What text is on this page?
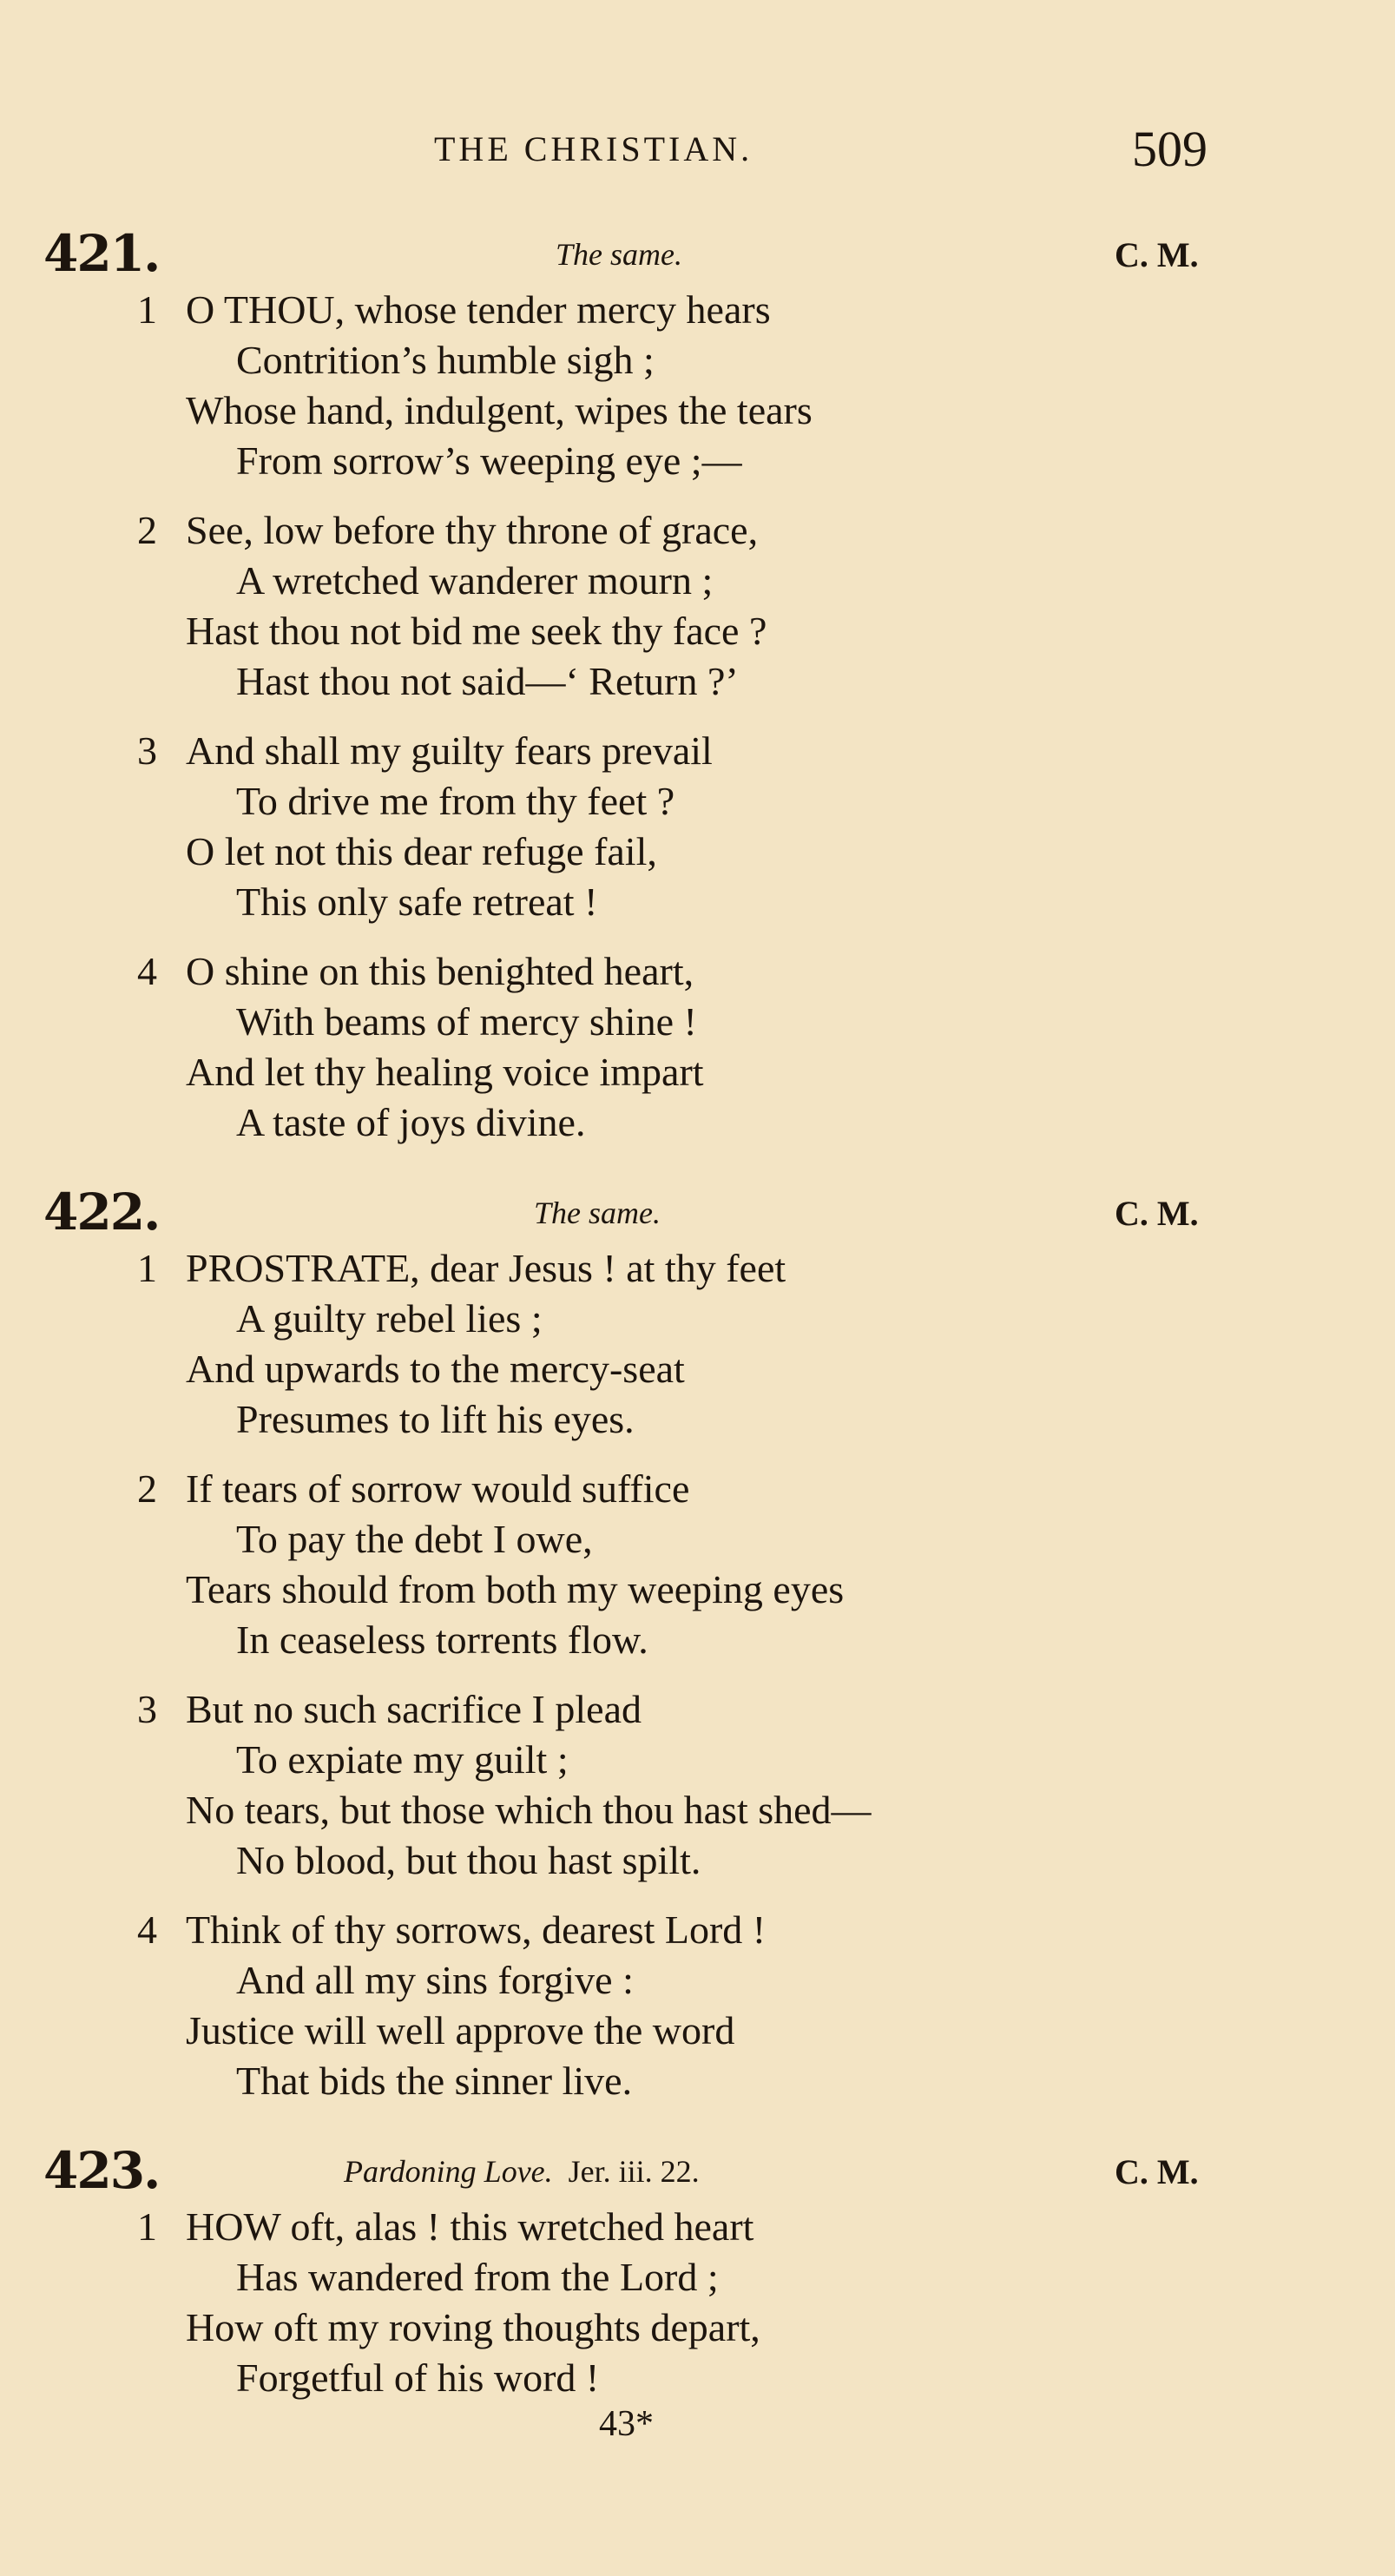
THE CHRISTIAN.	509
421.	The same.	C. M.
1 O THOU, whose tender mercy hears
Contrition’s humble sigh ;
Whose hand, indulgent, wipes the tears
From sorrow’s weeping eye ;—
2 See, low before thy throne of grace,
A wretched wanderer mourn ;
Hast thou not bid me seek thy face ?
Hast thou not said—‘ Return ?’
3 And shall my guilty fears prevail
To drive me from thy feet ?
O let not this dear refuge fail,
This only safe retreat !
4 O shine on this benighted heart,
With beams of mercy shine !
And let thy healing voice impart
A taste of joys divine.
422.	The same.	C. M.
1 PROSTRATE, dear Jesus ! at thy feet
A guilty rebel lies ;
And upwards to the mercy-seat
Presumes to lift his eyes.
2 If tears of sorrow would suffice
To pay the debt I owe,
Tears should from both my weeping eyes
In ceaseless torrents flow.
3 But no such sacrifice I plead
To expiate my guilt ;
No tears, but those which thou hast shed—
No blood, but thou hast spilt.
4 Think of thy sorrows, dearest Lord !
And all my sins forgive :
Justice will well approve the word
That bids the sinner live.
423.	Pardoning Love. Jer. iii. 22.	C. M.
1 HOW oft, alas ! this wretched heart
Has wandered from the Lord ;
How oft my roving thoughts depart,
Forgetful of his word !
43*
